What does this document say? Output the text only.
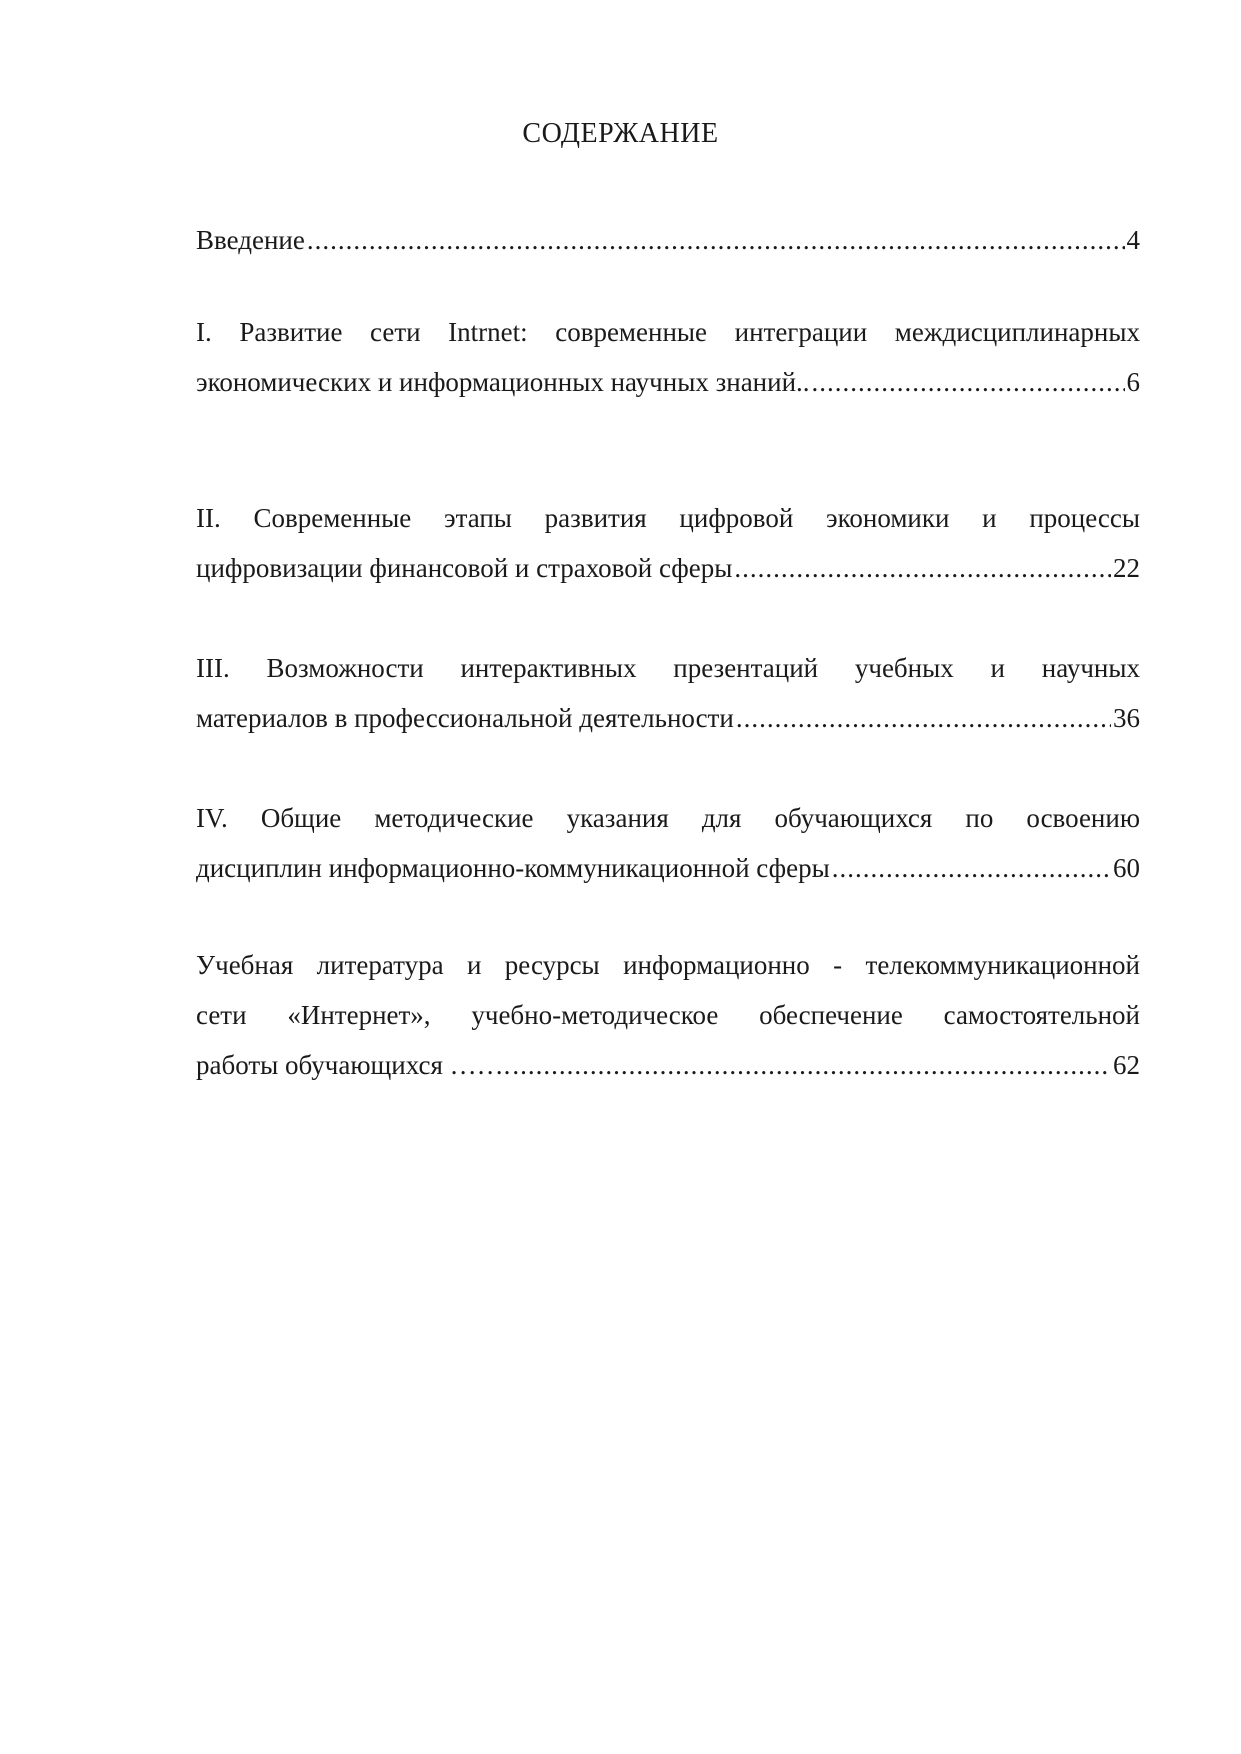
СОДЕРЖАНИЕ
Введение .....	4
I. Развитие сети Intrnet: современные интеграции междисциплинарных
экономических и информационных научных знаний.. .....	6
II. Современные этапы развития цифровой экономики и процессы
цифровизации финансовой и страховой сферы .....	22
III. Возможности интерактивных презентаций учебных и научных
материалов в профессиональной деятельности .....	36
IV. Общие методические указания для обучающихся по освоению
дисциплин информационно-коммуникационной сферы .....	60
Учебная литература и ресурсы информационно - телекоммуникационной
сети «Интернет», учебно-методическое обеспечение самостоятельной
работы обучающихся ……. .....	62
